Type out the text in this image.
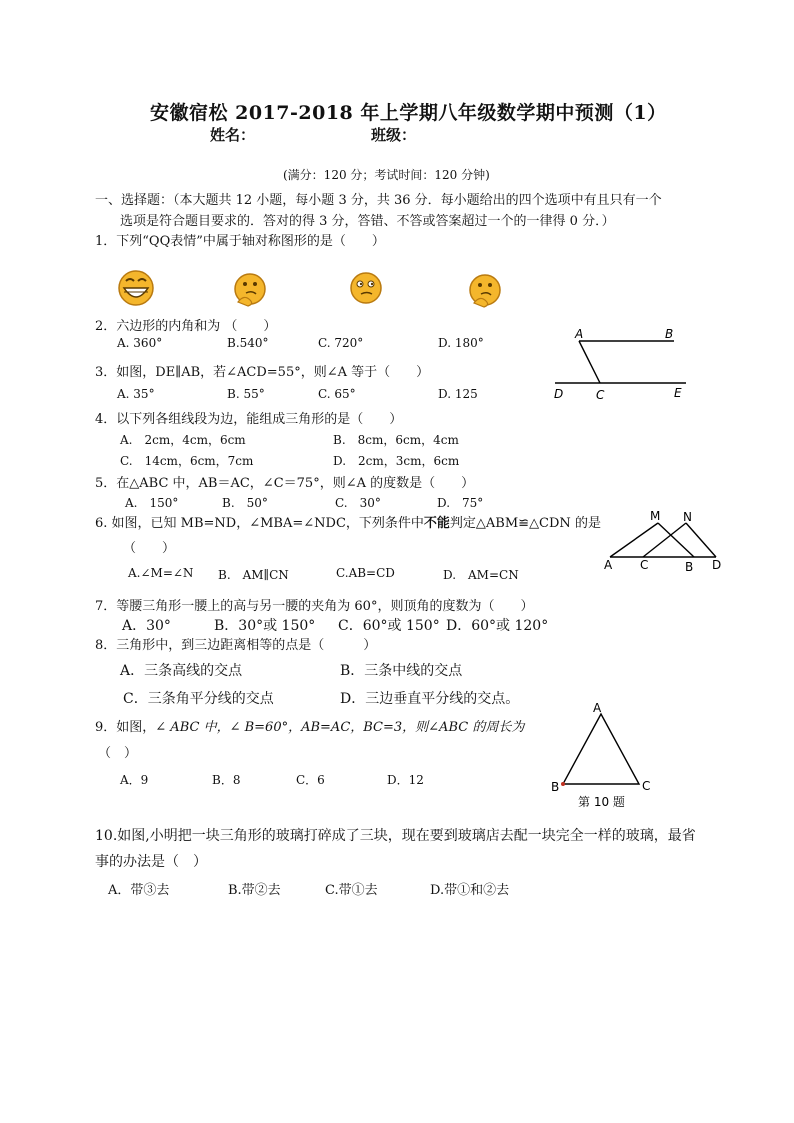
安徽宿松 2017-2018 年上学期八年级数学期中预测（1）
姓名：	班级：
(满分：120 分；考试时间：120 分钟)
一、选择题：（本大题共 12 小题，每小题 3 分，共 36 分．每小题给出的四个选项中有且只有一个
选项是符合题目要求的．答对的得 3 分，答错、不答或答案超过一个的一律得 0 分．）
1．下列“QQ表情”中属于轴对称图形的是（　　）
2．六边形的内角和为 （　　）
A. 360°	B.540°	C. 720°	D. 180°
3．如图，DE∥AB，若∠ACD=55°，则∠A 等于（　　）
A. 35°	B. 55°	C. 65°	D. 125
A	B
D	C	E
4．以下列各组线段为边，能组成三角形的是（　　）
A.　2cm，4cm，6cm	B.　8cm，6cm，4cm
C.　14cm，6cm，7cm	D.　2cm，3cm，6cm
5．在△ABC 中，AB＝AC，∠C＝75°，则∠A 的度数是（　　）
A.　150°	B.　50°	C.　30°	D.　75°
6. 如图，已知 MB=ND，∠MBA=∠NDC，下列条件中不能判定△ABM≌△CDN 的是
（　　）
A.∠M=∠N B.　AM∥CN	C.AB=CD	D.　AM=CN
M N
A C	B D
7．等腰三角形一腰上的高与另一腰的夹角为 60°，则顶角的度数为（　　）
A．30°	B．30°或 150° C．60°或 150° D．60°或 120°
8．三角形中，到三边距离相等的点是（　　　）
A．三条高线的交点	B．三条中线的交点
C．三条角平分线的交点	D．三边垂直平分线的交点。
9．如图，∠ ABC 中，∠ B=60°，AB=AC，BC=3，则∠ABC 的周长为
（　）
A．9	B．8	C．6	D．12
A
B	C
第 10 题
10.如图,小明把一块三角形的玻璃打碎成了三块，现在要到玻璃店去配一块完全一样的玻璃，最省
事的办法是（　）
A．带③去	B.带②去	C.带①去	D.带①和②去
